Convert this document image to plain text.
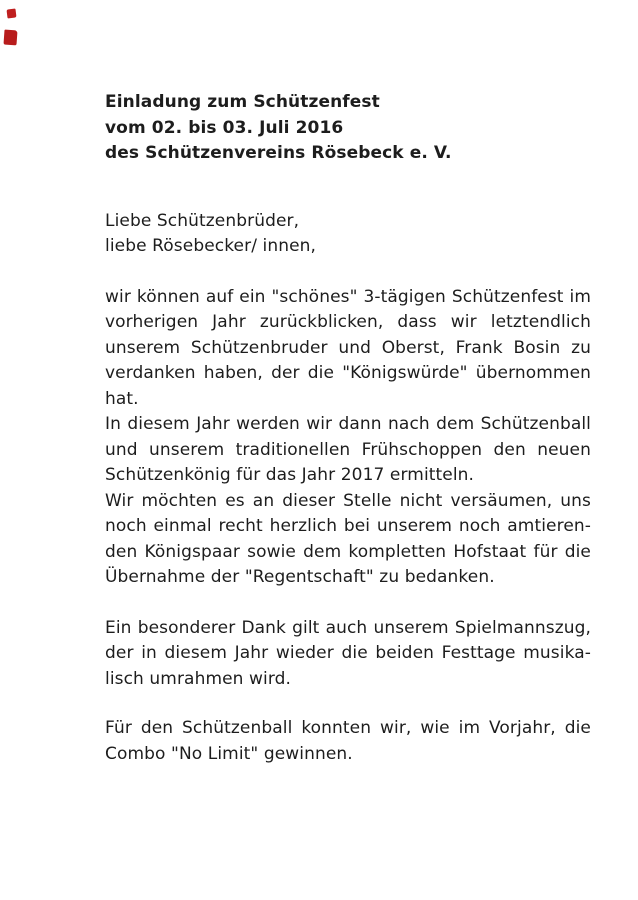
Einladung zum Schützenfest
vom 02. bis 03. Juli 2016
des Schützenvereins Rösebeck e. V.
Liebe Schützenbrüder,
liebe Rösebecker/ innen,
wir können auf ein "schönes" 3-tägigen Schützenfest im
vorherigen Jahr zurückblicken, dass wir letztendlich
unserem Schützenbruder und Oberst, Frank Bosin zu
verdanken haben, der die "Königswürde" übernommen
hat.
In diesem Jahr werden wir dann nach dem Schützenball
und unserem traditionellen Frühschoppen den neuen
Schützenkönig für das Jahr 2017 ermitteln.
Wir möchten es an dieser Stelle nicht versäumen, uns
noch einmal recht herzlich bei unserem noch amtieren-
den Königspaar sowie dem kompletten Hofstaat für die
Übernahme der "Regentschaft" zu bedanken.
Ein besonderer Dank gilt auch unserem Spielmannszug,
der in diesem Jahr wieder die beiden Festtage musika-
lisch umrahmen wird.
Für den Schützenball konnten wir, wie im Vorjahr, die
Combo "No Limit" gewinnen.
